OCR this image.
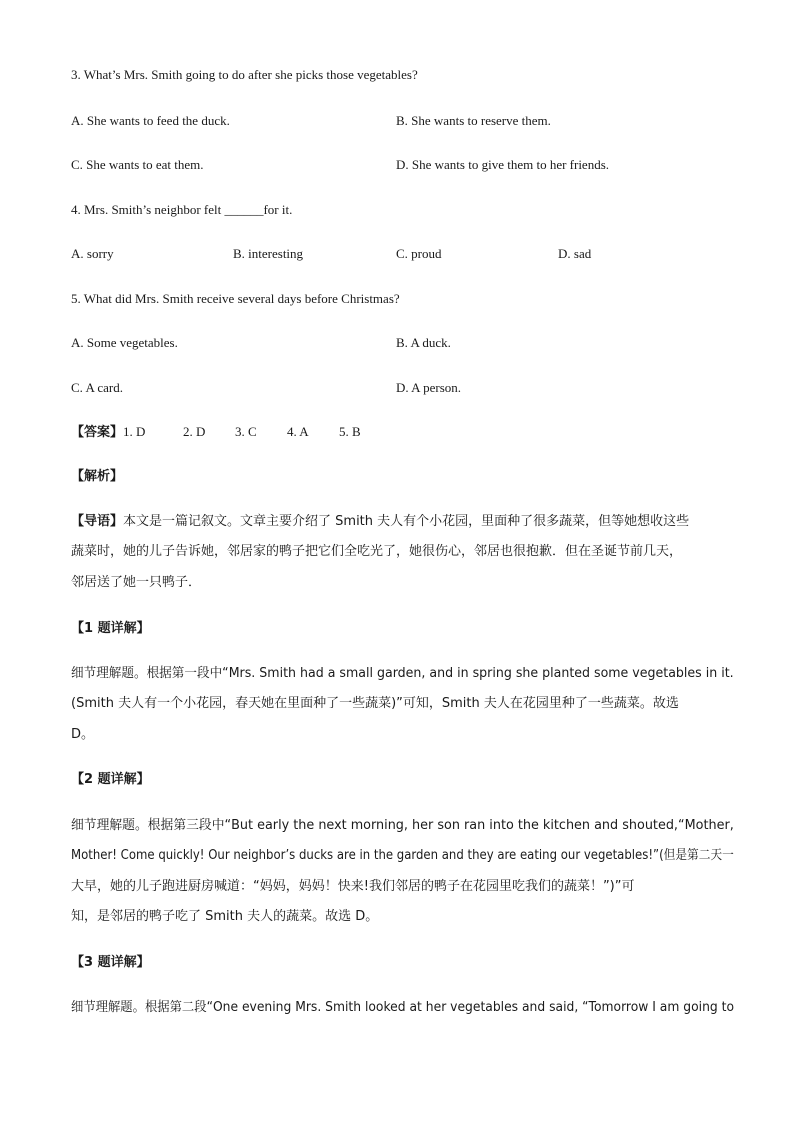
3. What’s Mrs. Smith going to do after she picks those vegetables?
A. She wants to feed the duck.	B. She wants to reserve them.
C. She wants to eat them.	D. She wants to give them to her friends.
4. Mrs. Smith’s neighbor felt ______for it.
A. sorry	B. interesting	C. proud	D. sad
5. What did Mrs. Smith receive several days before Christmas?
A. Some vegetables.	B. A duck.
C. A card.	D. A person.
【答案】1. D	2. D 3. C 4. A 5. B
【解析】
【导语】本文是一篇记叙文。文章主要介绍了 Smith 夫人有个小花园，里面种了很多蔬菜，但等她想收这些
蔬菜时，她的儿子告诉她，邻居家的鸭子把它们全吃光了，她很伤心，邻居也很抱歉．但在圣诞节前几天，
邻居送了她一只鸭子．
【1 题详解】
细节理解题。根据第一段中“Mrs. Smith had a small garden, and in spring she planted some vegetables in it.
(Smith 夫人有一个小花园，春天她在里面种了一些蔬菜)”可知，Smith 夫人在花园里种了一些蔬菜。故选
D。
【2 题详解】
细节理解题。根据第三段中“But early the next morning, her son ran into the kitchen and shouted,“Mother,
Mother! Come quickly! Our neighbor’s ducks are in the garden and they are eating our vegetables!”(但是第二天一
大早，她的儿子跑进厨房喊道：“妈妈，妈妈！快来!我们邻居的鸭子在花园里吃我们的蔬菜！”)”可
知，是邻居的鸭子吃了 Smith 夫人的蔬菜。故选 D。
【3 题详解】
细节理解题。根据第二段“One evening Mrs. Smith looked at her vegetables and said, “Tomorrow I am going to
